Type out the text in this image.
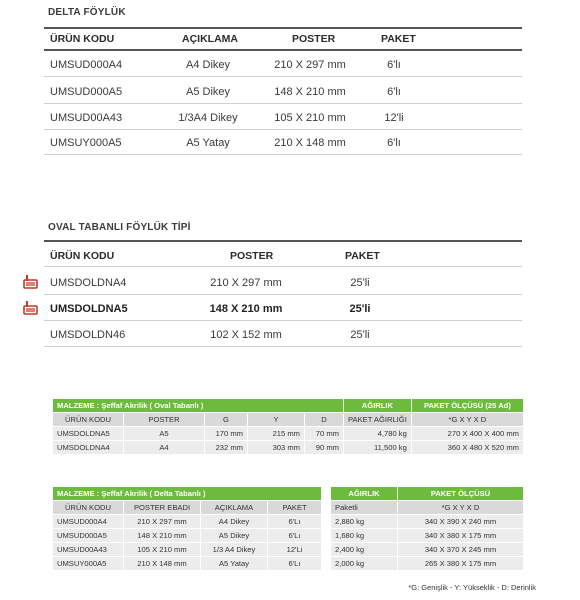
DELTA FÖYLÜK
ÜRÜN KODU	AÇIKLAMA	POSTER	PAKET
UMSUD000A4	A4 Dikey	210 X 297 mm	6'lı
UMSUD000A5	A5 Dikey	148 X 210 mm	6'lı
UMSUD00A43	1/3A4 Dikey	105 X 210 mm	12'li
UMSUY000A5	A5 Yatay	210 X 148 mm	6'lı
OVAL TABANLI FÖYLÜK TİPİ
ÜRÜN KODU	POSTER	PAKET
UMSDOLDNA4	210 X 297 mm	25'li
UMSDOLDNA5	148 X 210 mm	25'li
UMSDOLDN46	102 X 152 mm	25'li
MALZEME : Şeffaf Akrilik ( Oval Tabanlı )					AĞIRLIK	PAKET ÖLÇÜSÜ (25 Ad)
ÜRÜN KODU	POSTER	G	Y	D	PAKET AĞIRLIĞI	*G X Y X D
UMSDOLDNA5	A5	170 mm	215 mm	70 mm	4,780 kg	270 X 400 X 400 mm
UMSDOLDNA4	A4	232 mm	303 mm	90 mm	11,500 kg	360 X 480 X 520 mm
MALZEME : Şeffaf Akrilik ( Delta Tabanlı )			
ÜRÜN KODU	POSTER EBADI	AÇIKLAMA	PAKET
UMSUD000A4	210 X 297 mm	A4 Dikey	6'Lı
UMSUD000A5	148 X 210 mm	A5 Dikey	6'Lı
UMSUD00A43	105 X 210 mm	1/3 A4 Dikey	12'Li
UMSUY000A5	210 X 148 mm	A5 Yatay	6'Lı
AĞIRLIK	PAKET ÖLÇÜSÜ
Paketli	*G X Y X D
2,880 kg	340 X 390 X 240 mm
1,680 kg	340 X 380 X 175 mm
2,400 kg	340 X 370 X 245 mm
2,000 kg	265 X 380 X 175 mm
*G: Genişlik - Y: Yükseklik - D: Derinlik
